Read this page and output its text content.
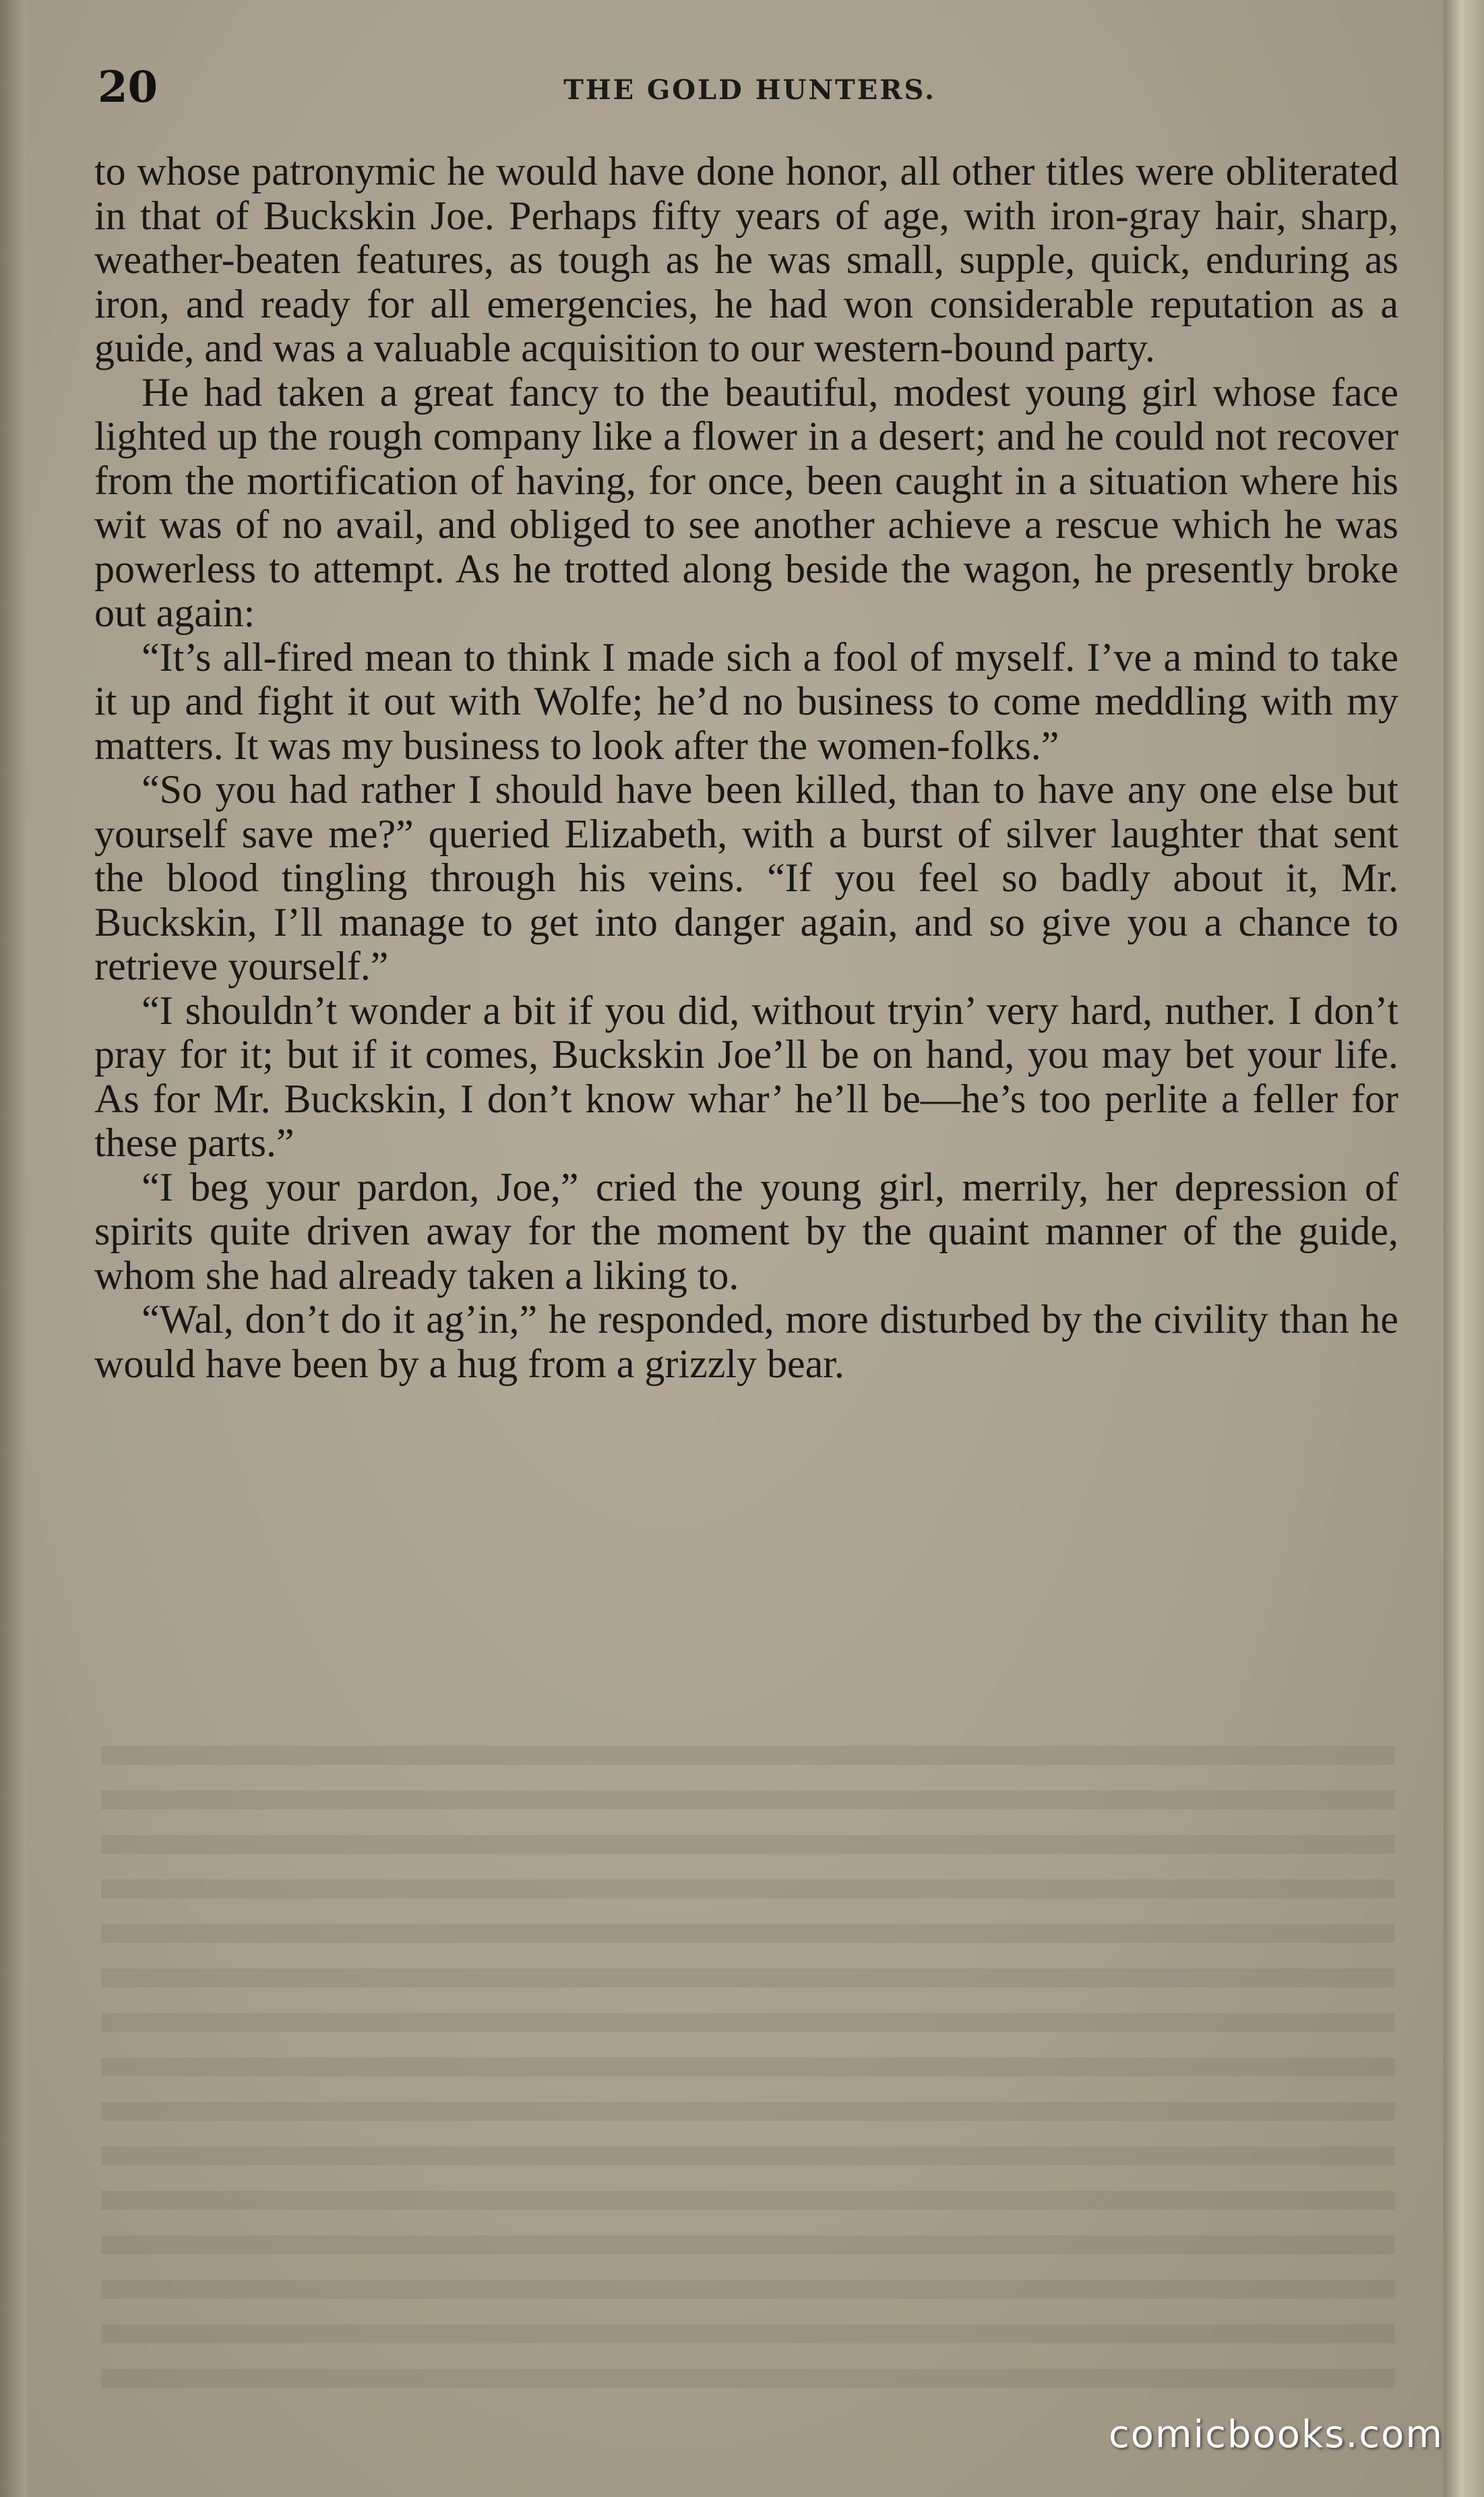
20	THE GOLD HUNTERS.

to whose patronymic he would have done honor, all other titles were obliterated in that of Buckskin Joe. Perhaps fifty years of age, with iron-gray hair, sharp, weather-beaten features, as tough as he was small, supple, quick, enduring as iron, and ready for all emergencies, he had won considerable reputation as a guide, and was a valuable acquisition to our western-bound party.

He had taken a great fancy to the beautiful, modest young girl whose face lighted up the rough company like a flower in a desert; and he could not recover from the mortification of having, for once, been caught in a situation where his wit was of no avail, and obliged to see another achieve a rescue which he was powerless to attempt. As he trotted along beside the wagon, he presently broke out again:

“It’s all-fired mean to think I made sich a fool of myself. I’ve a mind to take it up and fight it out with Wolfe; he’d no business to come meddling with my matters. It was my business to look after the women-folks.”

“So you had rather I should have been killed, than to have any one else but yourself save me?” queried Elizabeth, with a burst of silver laughter that sent the blood tingling through his veins. “If you feel so badly about it, Mr. Buckskin, I’ll manage to get into danger again, and so give you a chance to retrieve yourself.”

“I shouldn’t wonder a bit if you did, without tryin’ very hard, nuther. I don’t pray for it; but if it comes, Buckskin Joe’ll be on hand, you may bet your life. As for Mr. Buckskin, I don’t know whar’ he’ll be—he’s too perlite a feller for these parts.”

“I beg your pardon, Joe,” cried the young girl, merrily, her depression of spirits quite driven away for the moment by the quaint manner of the guide, whom she had already taken a liking to.

“Wal, don’t do it ag’in,” he responded, more disturbed by the civility than he would have been by a hug from a grizzly bear.

comicbooks.com
